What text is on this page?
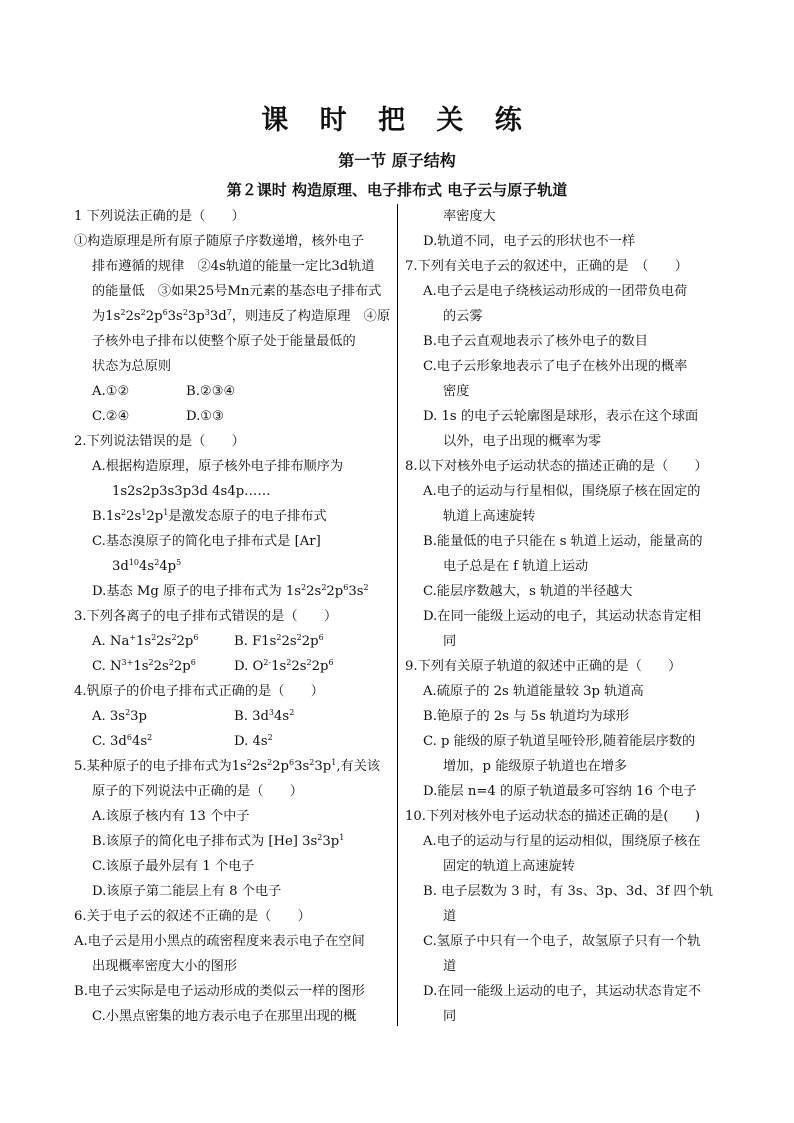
课 时 把 关 练
第一节 原子结构
第２课时 构造原理、电子排布式 电子云与原子轨道
1 下列说法正确的是（　　）
①构造原理是所有原子随原子序数递增，核外电子
排布遵循的规律　②4s轨道的能量一定比3d轨道
的能量低　③如果25号Mn元素的基态电子排布式
为$1s^22s^22p^63s^23p^33d^7$，则违反了构造原理　④原
子核外电子排布以使整个原子处于能量最低的
状态为总原则
A.①②	B.②③④
C.②④	D.①③
2.下列说法错误的是（　　）
A.根据构造原理，原子核外电子排布顺序为
1s2s2p3s3p3d 4s4p……
$B.1s^22s^12p^1$是激发态原子的电子排布式
C.基态溴原子的简化电子排布式是 [Ar]
$3d^{10}4s^24p^5$
D.基态 Mg 原子的电子排布式为 $1s^22s^22p^63s^2$
3.下列各离子的电子排布式错误的是（　　）
A. $Na^+1s^22s^22p^6$	B. $F1s^22s^22p^6$
C. $N^{3+}1s^22s^22p^6$	D. $O^{2-}1s^22s^22p^6$
4.钒原子的价电子排布式正确的是（　　）
A. $3s^23p$	B. $3d^34s^2$
C. $3d^64s^2$	D. $4s^2$
5.某种原子的电子排布式为$1s^22s^22p^63s^23p^1$,有关该
原子的下列说法中正确的是（　　）
A.该原子核内有 13 个中子
B.该原子的简化电子排布式为 [He] $3s^23p^1$
C.该原子最外层有 1 个电子
D.该原子第二能层上有 8 个电子
6.关于电子云的叙述不正确的是（　　）
A.电子云是用小黑点的疏密程度来表示电子在空间
出现概率密度大小的图形
B.电子云实际是电子运动形成的类似云一样的图形
C.小黑点密集的地方表示电子在那里出现的概
率密度大
D.轨道不同，电子云的形状也不一样
7.下列有关电子云的叙述中，正确的是　（　　）
A.电子云是电子绕核运动形成的一团带负电荷
的云雾
B.电子云直观地表示了核外电子的数目
C.电子云形象地表示了电子在核外出现的概率
密度
D. 1s 的电子云轮廓图是球形，表示在这个球面
以外，电子出现的概率为零
8.以下对核外电子运动状态的描述正确的是（　　）
A.电子的运动与行星相似，围绕原子核在固定的
轨道上高速旋转
B.能量低的电子只能在 s 轨道上运动，能量高的
电子总是在 f 轨道上运动
C.能层序数越大，s 轨道的半径越大
D.在同一能级上运动的电子，其运动状态肯定相
同
9.下列有关原子轨道的叙述中正确的是（　　）
A.硫原子的 2s 轨道能量较 3p 轨道高
B.铯原子的 2s 与 5s 轨道均为球形
C. p 能级的原子轨道呈哑铃形,随着能层序数的
增加，p 能级原子轨道也在增多
D.能层 n=4 的原子轨道最多可容纳 16 个电子
10.下列对核外电子运动状态的描述正确的是(　　)
A.电子的运动与行星的运动相似，围绕原子核在
固定的轨道上高速旋转
B. 电子层数为 3 时，有 3s、3p、3d、3f 四个轨
道
C.氢原子中只有一个电子，故氢原子只有一个轨
道
D.在同一能级上运动的电子，其运动状态肯定不
同
